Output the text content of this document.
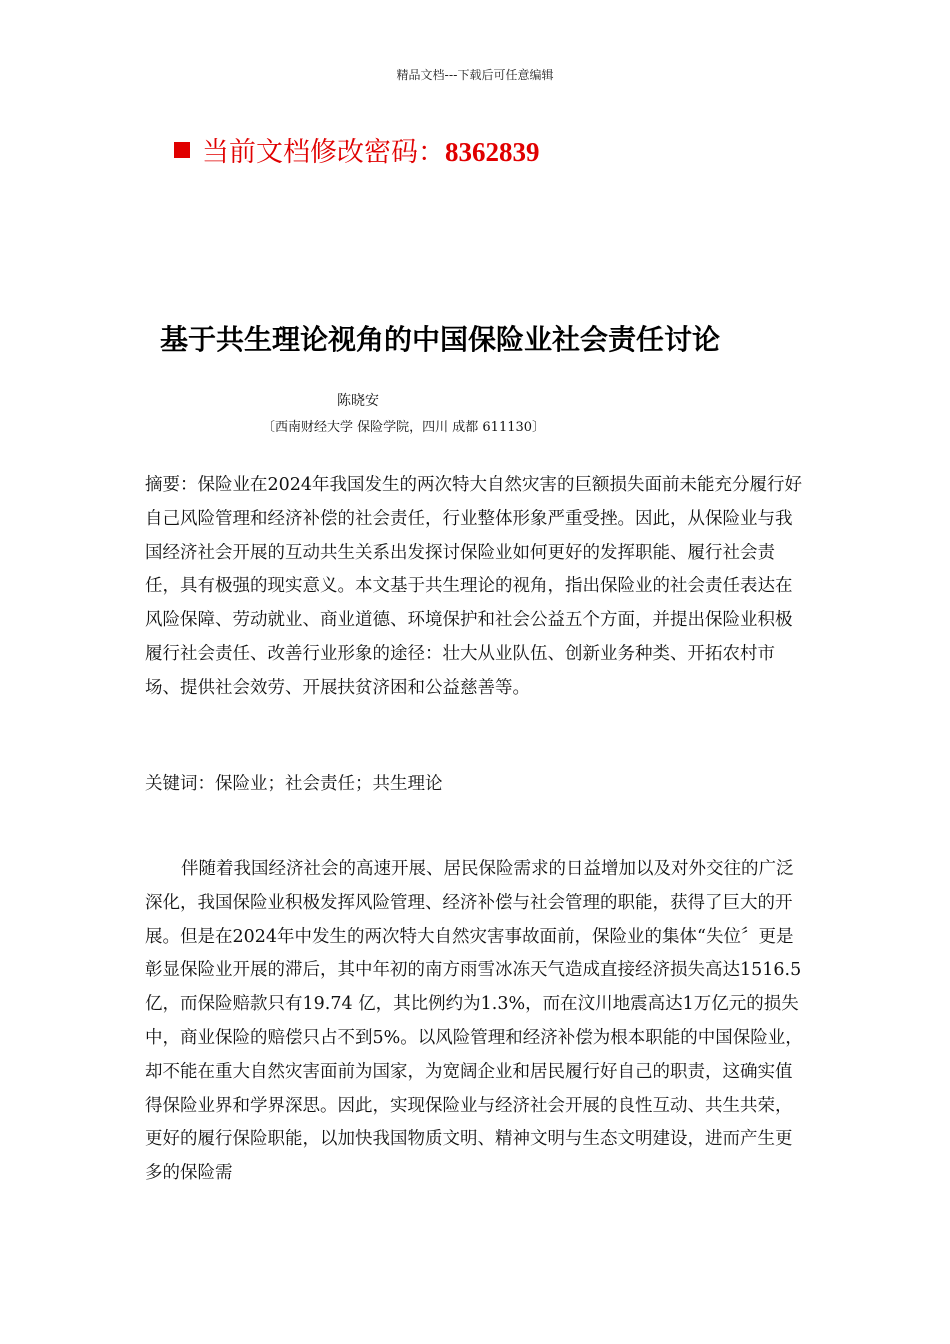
精品文档---下载后可任意编辑
当前文档修改密码：8362839
基于共生理论视角的中国保险业社会责任讨论
陈晓安
〔西南财经大学 保险学院，四川 成都 611130〕

摘要：保险业在2024年我国发生的两次特大自然灾害的巨额损失面前未能充分履行好自己风险管理和经济补偿的社会责任，行业整体形象严重受挫。因此，从保险业与我国经济社会开展的互动共生关系出发探讨保险业如何更好的发挥职能、履行社会责任，具有极强的现实意义。本文基于共生理论的视角，指出保险业的社会责任表达在风险保障、劳动就业、商业道德、环境保护和社会公益五个方面，并提出保险业积极履行社会责任、改善行业形象的途径：壮大从业队伍、创新业务种类、开拓农村市场、提供社会效劳、开展扶贫济困和公益慈善等。

关键词：保险业；社会责任；共生理论

伴随着我国经济社会的高速开展、居民保险需求的日益增加以及对外交往的广泛深化，我国保险业积极发挥风险管理、经济补偿与社会管理的职能，获得了巨大的开展。但是在2024年中发生的两次特大自然灾害事故面前，保险业的集体“失位〞更是彰显保险业开展的滞后，其中年初的南方雨雪冰冻天气造成直接经济损失高达1516.5 亿，而保险赔款只有19.74 亿，其比例约为1.3%，而在汶川地震高达1万亿元的损失中，商业保险的赔偿只占不到5%。以风险管理和经济补偿为根本职能的中国保险业，却不能在重大自然灾害面前为国家，为宽阔企业和居民履行好自己的职责，这确实值得保险业界和学界深思。因此，实现保险业与经济社会开展的良性互动、共生共荣，更好的履行保险职能，以加快我国物质文明、精神文明与生态文明建设，进而产生更多的保险需
